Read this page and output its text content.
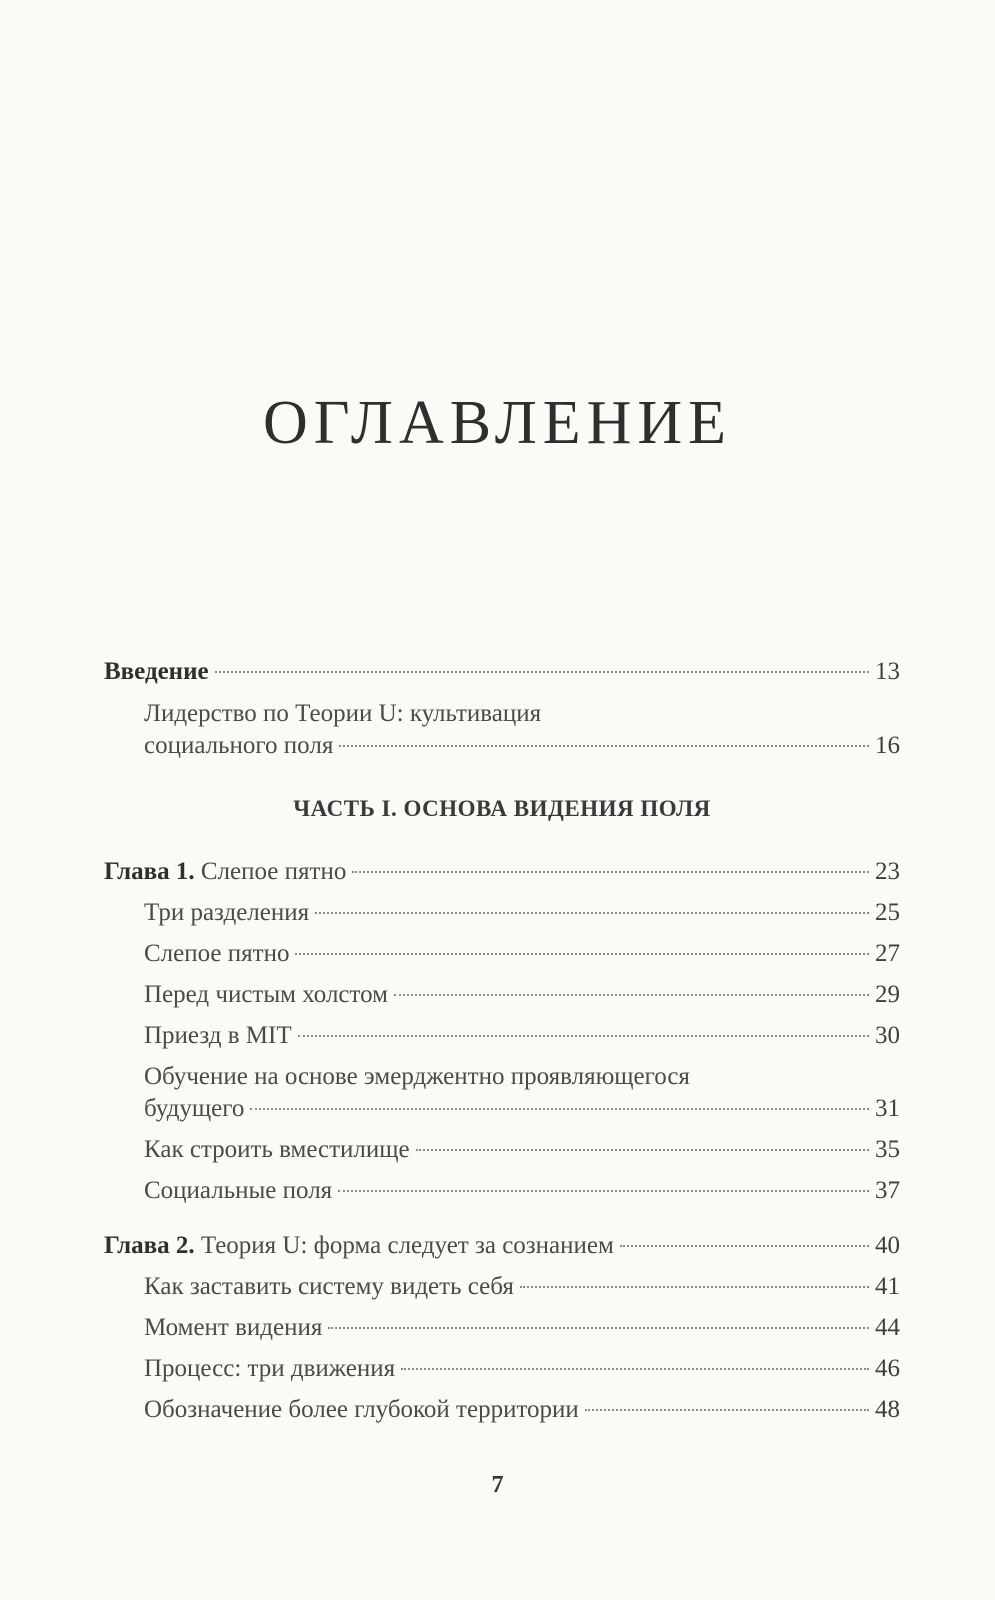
ОГЛАВЛЕНИЕ
Введение	13
Лидерство по Теории U: культивация
социального поля	16

ЧАСТЬ I. ОСНОВА ВИДЕНИЯ ПОЛЯ

Глава 1. Слепое пятно	23
Три разделения	25
Слепое пятно	27
Перед чистым холстом	29
Приезд в MIT	30
Обучение на основе эмерджентно проявляющегося
будущего	31
Как строить вместилище	35
Социальные поля	37
Глава 2. Теория U: форма следует за сознанием	40
Как заставить систему видеть себя	41
Момент видения	44
Процесс: три движения	46
Обозначение более глубокой территории	48
7
